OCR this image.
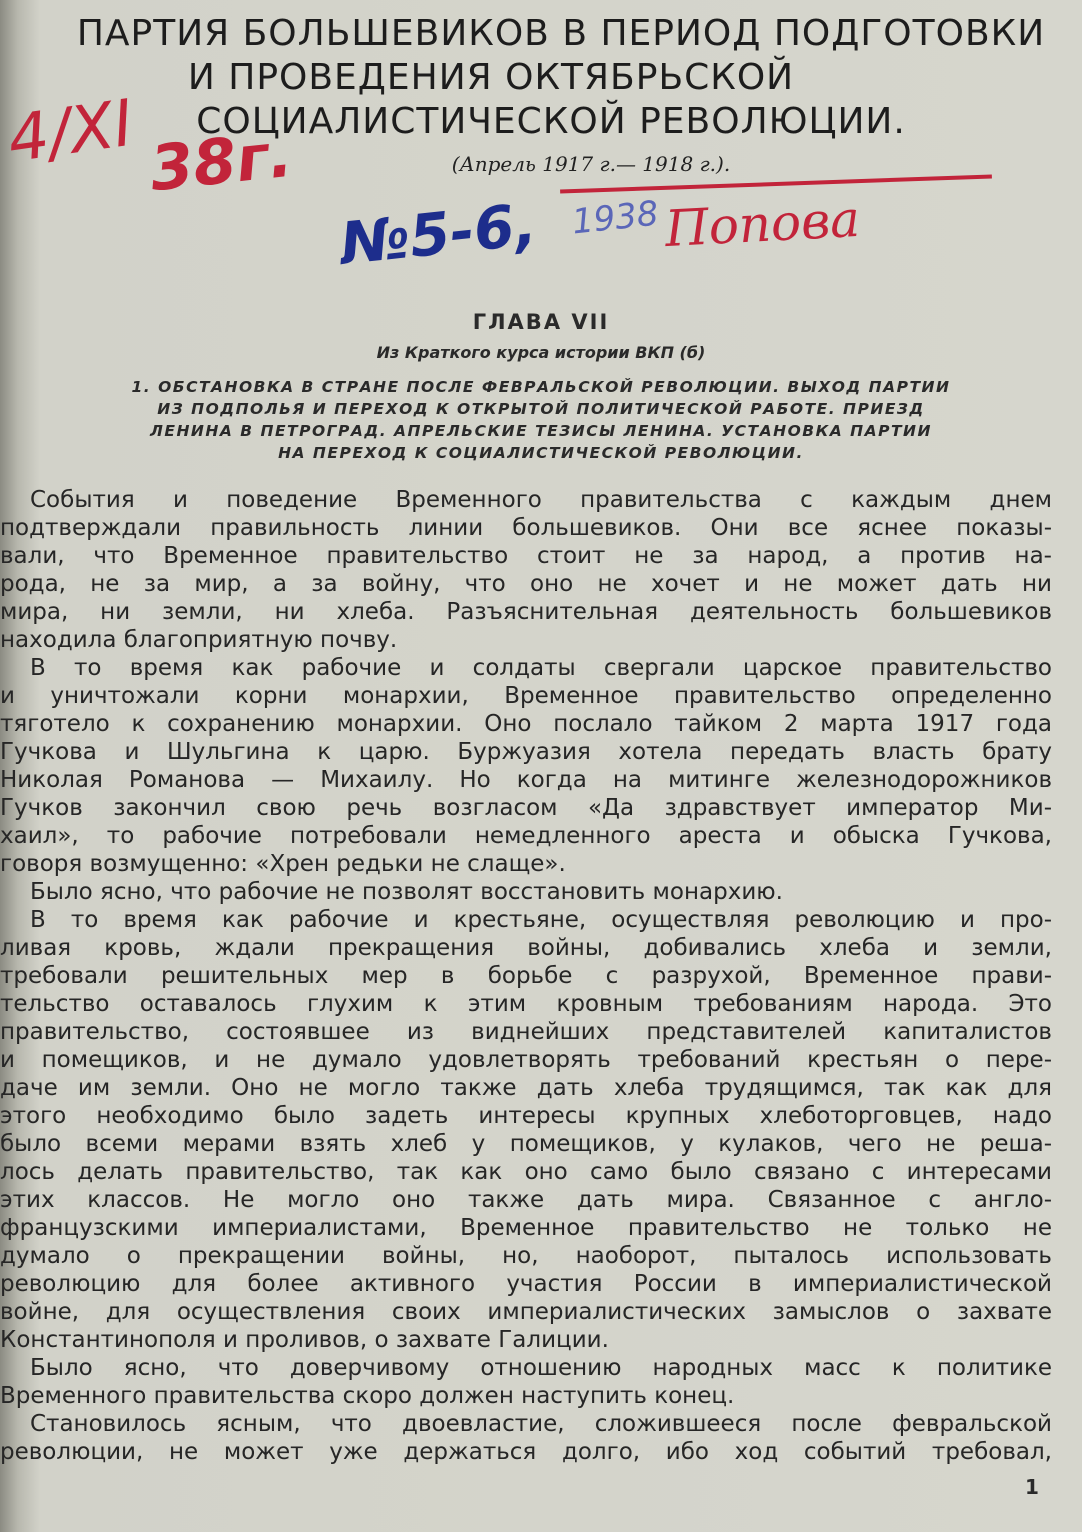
ПАРТИЯ БОЛЬШЕВИКОВ В ПЕРИОД ПОДГОТОВКИ
И ПРОВЕДЕНИЯ ОКТЯБРЬСКОЙ
СОЦИАЛИСТИЧЕСКОЙ РЕВОЛЮЦИИ.
(Апрель 1917 г.— 1918 г.).
4/XI 38г.
№5-6, 1938 Попова
ГЛАВА VII
Из Краткого курса истории ВКП (б)
1. ОБСТАНОВКА В СТРАНЕ ПОСЛЕ ФЕВРАЛЬСКОЙ РЕВОЛЮЦИИ. ВЫХОД ПАРТИИ
ИЗ ПОДПОЛЬЯ И ПЕРЕХОД К ОТКРЫТОЙ ПОЛИТИЧЕСКОЙ РАБОТЕ. ПРИЕЗД
ЛЕНИНА В ПЕТРОГРАД. АПРЕЛЬСКИЕ ТЕЗИСЫ ЛЕНИНА. УСТАНОВКА ПАРТИИ
НА ПЕРЕХОД К СОЦИАЛИСТИЧЕСКОЙ РЕВОЛЮЦИИ.
События и поведение Временного правительства с каждым днем
подтверждали правильность линии большевиков. Они все яснее показы-
вали, что Временное правительство стоит не за народ, а против на-
рода, не за мир, а за войну, что оно не хочет и не может дать ни
мира, ни земли, ни хлеба. Разъяснительная деятельность большевиков
находила благоприятную почву.
В то время как рабочие и солдаты свергали царское правительство
и уничтожали корни монархии, Временное правительство определенно
тяготело к сохранению монархии. Оно послало тайком 2 марта 1917 года
Гучкова и Шульгина к царю. Буржуазия хотела передать власть брату
Николая Романова — Михаилу. Но когда на митинге железнодорожников
Гучков закончил свою речь возгласом «Да здравствует император Ми-
хаил», то рабочие потребовали немедленного ареста и обыска Гучкова,
говоря возмущенно: «Хрен редьки не слаще».
Было ясно, что рабочие не позволят восстановить монархию.
В то время как рабочие и крестьяне, осуществляя революцию и про-
ливая кровь, ждали прекращения войны, добивались хлеба и земли,
требовали решительных мер в борьбе с разрухой, Временное прави-
тельство оставалось глухим к этим кровным требованиям народа. Это
правительство, состоявшее из виднейших представителей капиталистов
и помещиков, и не думало удовлетворять требований крестьян о пере-
даче им земли. Оно не могло также дать хлеба трудящимся, так как для
этого необходимо было задеть интересы крупных хлеботорговцев, надо
было всеми мерами взять хлеб у помещиков, у кулаков, чего не реша-
лось делать правительство, так как оно само было связано с интересами
этих классов. Не могло оно также дать мира. Связанное с англо-
французскими империалистами, Временное правительство не только не
думало о прекращении войны, но, наоборот, пыталось использовать
революцию для более активного участия России в империалистической
войне, для осуществления своих империалистических замыслов о захвате
Константинополя и проливов, о захвате Галиции.
Было ясно, что доверчивому отношению народных масс к политике
Временного правительства скоро должен наступить конец.
Становилось ясным, что двоевластие, сложившееся после февральской
революции, не может уже держаться долго, ибо ход событий требовал,
1
